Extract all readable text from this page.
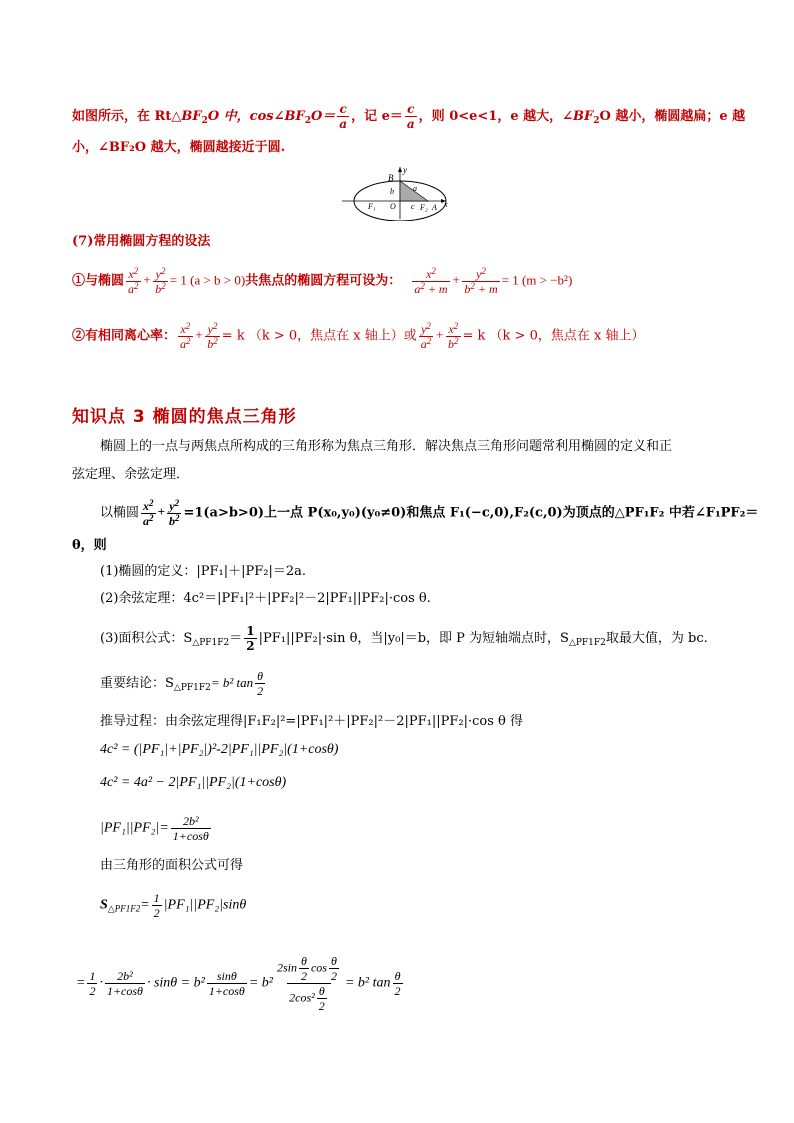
如图所示，在 $Rt\triangle BF_2O$ 中，$\cos\angle BF_2O= \frac{c}{a}$ ，记 $e= \frac{c}{a}$ ，则 0<e<1，e 越大，$\angle BF_2O$ 越小，椭圆越扁；e 越
小，∠BF₂O 越大，椭圆越接近于圆.
B
y
b a
F₁ O c F₂ A x
(7)常用椭圆方程的设法
①与椭圆 $\frac{x^2}{a^2} + \frac{y^2}{b^2} = 1$ (a > b > 0)共焦点的椭圆方程可设为： $\frac{x^2}{a^2 + m} + \frac{y^2}{b^2 + m} = 1$ (m > −b²)
②有相同离心率： $\frac{x^2}{a^2} + \frac{y^2}{b^2} = k$ （k > 0，焦点在 x 轴上）或 $\frac{y^2}{a^2} + \frac{x^2}{b^2} = k$ （k > 0，焦点在 x 轴上）
知识点 3 椭圆的焦点三角形
椭圆上的一点与两焦点所构成的三角形称为焦点三角形．解决焦点三角形问题常利用椭圆的定义和正
弦定理、余弦定理．
以椭圆 $\frac{x^2}{a^2} + \frac{y^2}{b^2} =1(a>b>0)$上一点 P(x₀,y₀)(y₀≠0)和焦点 F₁(−c,0),F₂(c,0)为顶点的△PF₁F₂ 中若∠F₁PF₂＝
θ，则
(1)椭圆的定义：|PF₁|＋|PF₂|＝2a.
(2)余弦定理：4c²＝|PF₁|²＋|PF₂|²－2|PF₁||PF₂|·cos θ.
(3)面积公式：$S_{\triangle PF1F2}= \frac{1}{2} |PF_1||PF_2|\cdot\sin$ θ，当|y₀|＝b，即 P 为短轴端点时，$S_{\triangle PF1F2}$取最大值，为 bc.
重要结论：$S_{\triangle PF1F2}= b^2$ $\tan \frac{\theta}{2}$
推导过程：由余弦定理得|F₁F₂|²=|PF₁|²＋|PF₂|²－2|PF₁||PF₂|·cos θ 得
4c² = (|PF₁|+|PF₂|)²-2|PF₁||PF₂|(1+cosθ)
4c² = 4a² − 2|PF₁||PF₂|(1+cosθ)
$|PF_1||PF_2|= \frac{\text{2b²}}{1+\cos\theta}$
由三角形的面积公式可得
$S_{\triangle PF1F2}= \frac{1}{2} |PF_1||PF_2|\sin\theta$
= $\frac{1}{2} \cdot \frac{\text{2b²}}{1+\cos\theta} \cdot \sin\theta = b^2 \frac{\sin\theta}{1+\cos\theta} = b^2 \frac{2\sin \frac{\theta}{2} \cos \frac{\theta}{2}}{2\cos^2 \frac{\theta}{2}} = b^2$ $\tan \frac{\theta}{2}$
